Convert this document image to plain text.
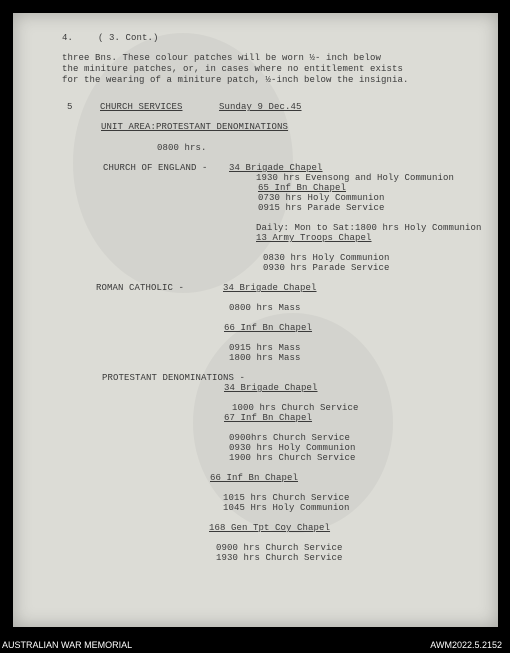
4.	( 3. Cont.)
three Bns. These colour patches will be worn ½- inch below
the miniture patches, or, in cases where no entitlement exists
for the wearing of a miniture patch, ½-inch below the insignia.
5	CHURCH SERVICES	Sunday 9 Dec.45
UNIT AREA:PROTESTANT DENOMINATIONS
0800 hrs.
CHURCH OF ENGLAND - 34 Brigade Chapel
1930 hrs Evensong and Holy Communion
65 Inf Bn Chapel
0730 hrs Holy Communion
0915 hrs Parade Service
Daily: Mon to Sat:1800 hrs Holy Communion
13 Army Troops Chapel
0830 hrs Holy Communion
0930 hrs Parade Service
ROMAN CATHOLIC -	34 Brigade Chapel
0800 hrs Mass
66 Inf Bn Chapel
0915 hrs Mass
1800 hrs Mass
PROTESTANT DENOMINATIONS -
34 Brigade Chapel
1000 hrs Church Service
67 Inf Bn Chapel
0900hrs Church Service
0930 hrs Holy Communion
1900 hrs Church Service
66 Inf Bn Chapel
1015 hrs Church Service
1045 Hrs Holy Communion
168 Gen Tpt Coy Chapel
0900 hrs Church Service
1930 hrs Church Service
AUSTRALIAN WAR MEMORIAL	AWM2022.5.2152
